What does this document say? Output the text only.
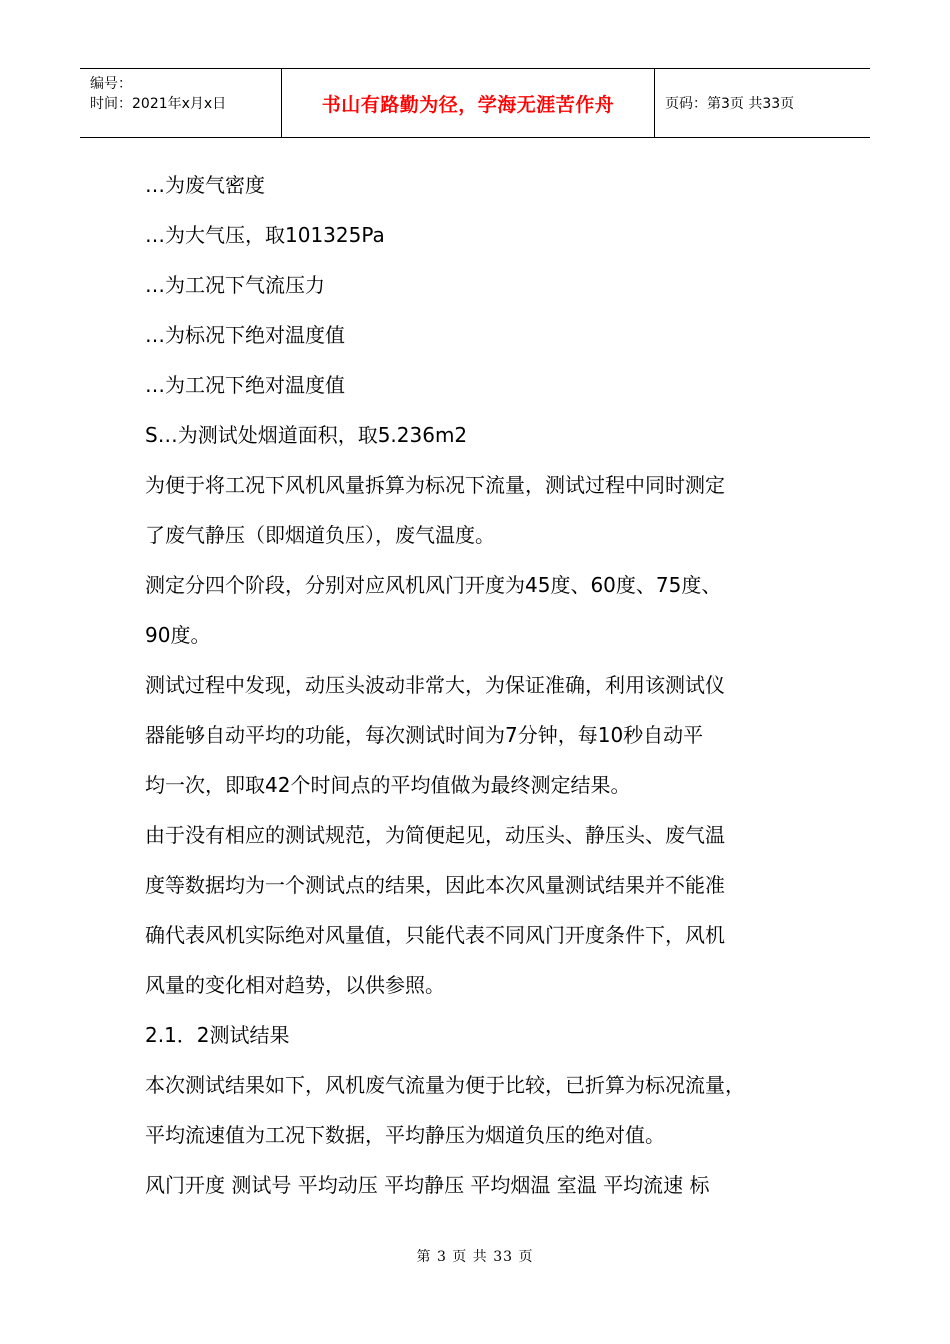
编号：
时间：2021年x月x日	书山有路勤为径，学海无涯苦作舟	页码：第3页 共33页

…为废气密度

…为大气压，取101325Pa

…为工况下气流压力

…为标况下绝对温度值

…为工况下绝对温度值

S…为测试处烟道面积，取5.236m2

为便于将工况下风机风量拆算为标况下流量，测试过程中同时测定

了废气静压（即烟道负压），废气温度。

测定分四个阶段，分别对应风机风门开度为45度、60度、75度、

90度。

测试过程中发现，动压头波动非常大，为保证准确，利用该测试仪

器能够自动平均的功能，每次测试时间为7分钟，每10秒自动平

均一次，即取42个时间点的平均值做为最终测定结果。

由于没有相应的测试规范，为简便起见，动压头、静压头、废气温

度等数据均为一个测试点的结果，因此本次风量测试结果并不能准

确代表风机实际绝对风量值，只能代表不同风门开度条件下，风机

风量的变化相对趋势，以供参照。

2.1．2测试结果

本次测试结果如下，风机废气流量为便于比较，已折算为标况流量，

平均流速值为工况下数据，平均静压为烟道负压的绝对值。

风门开度 测试号 平均动压 平均静压 平均烟温 室温 平均流速 标

第 3 页 共 33 页
